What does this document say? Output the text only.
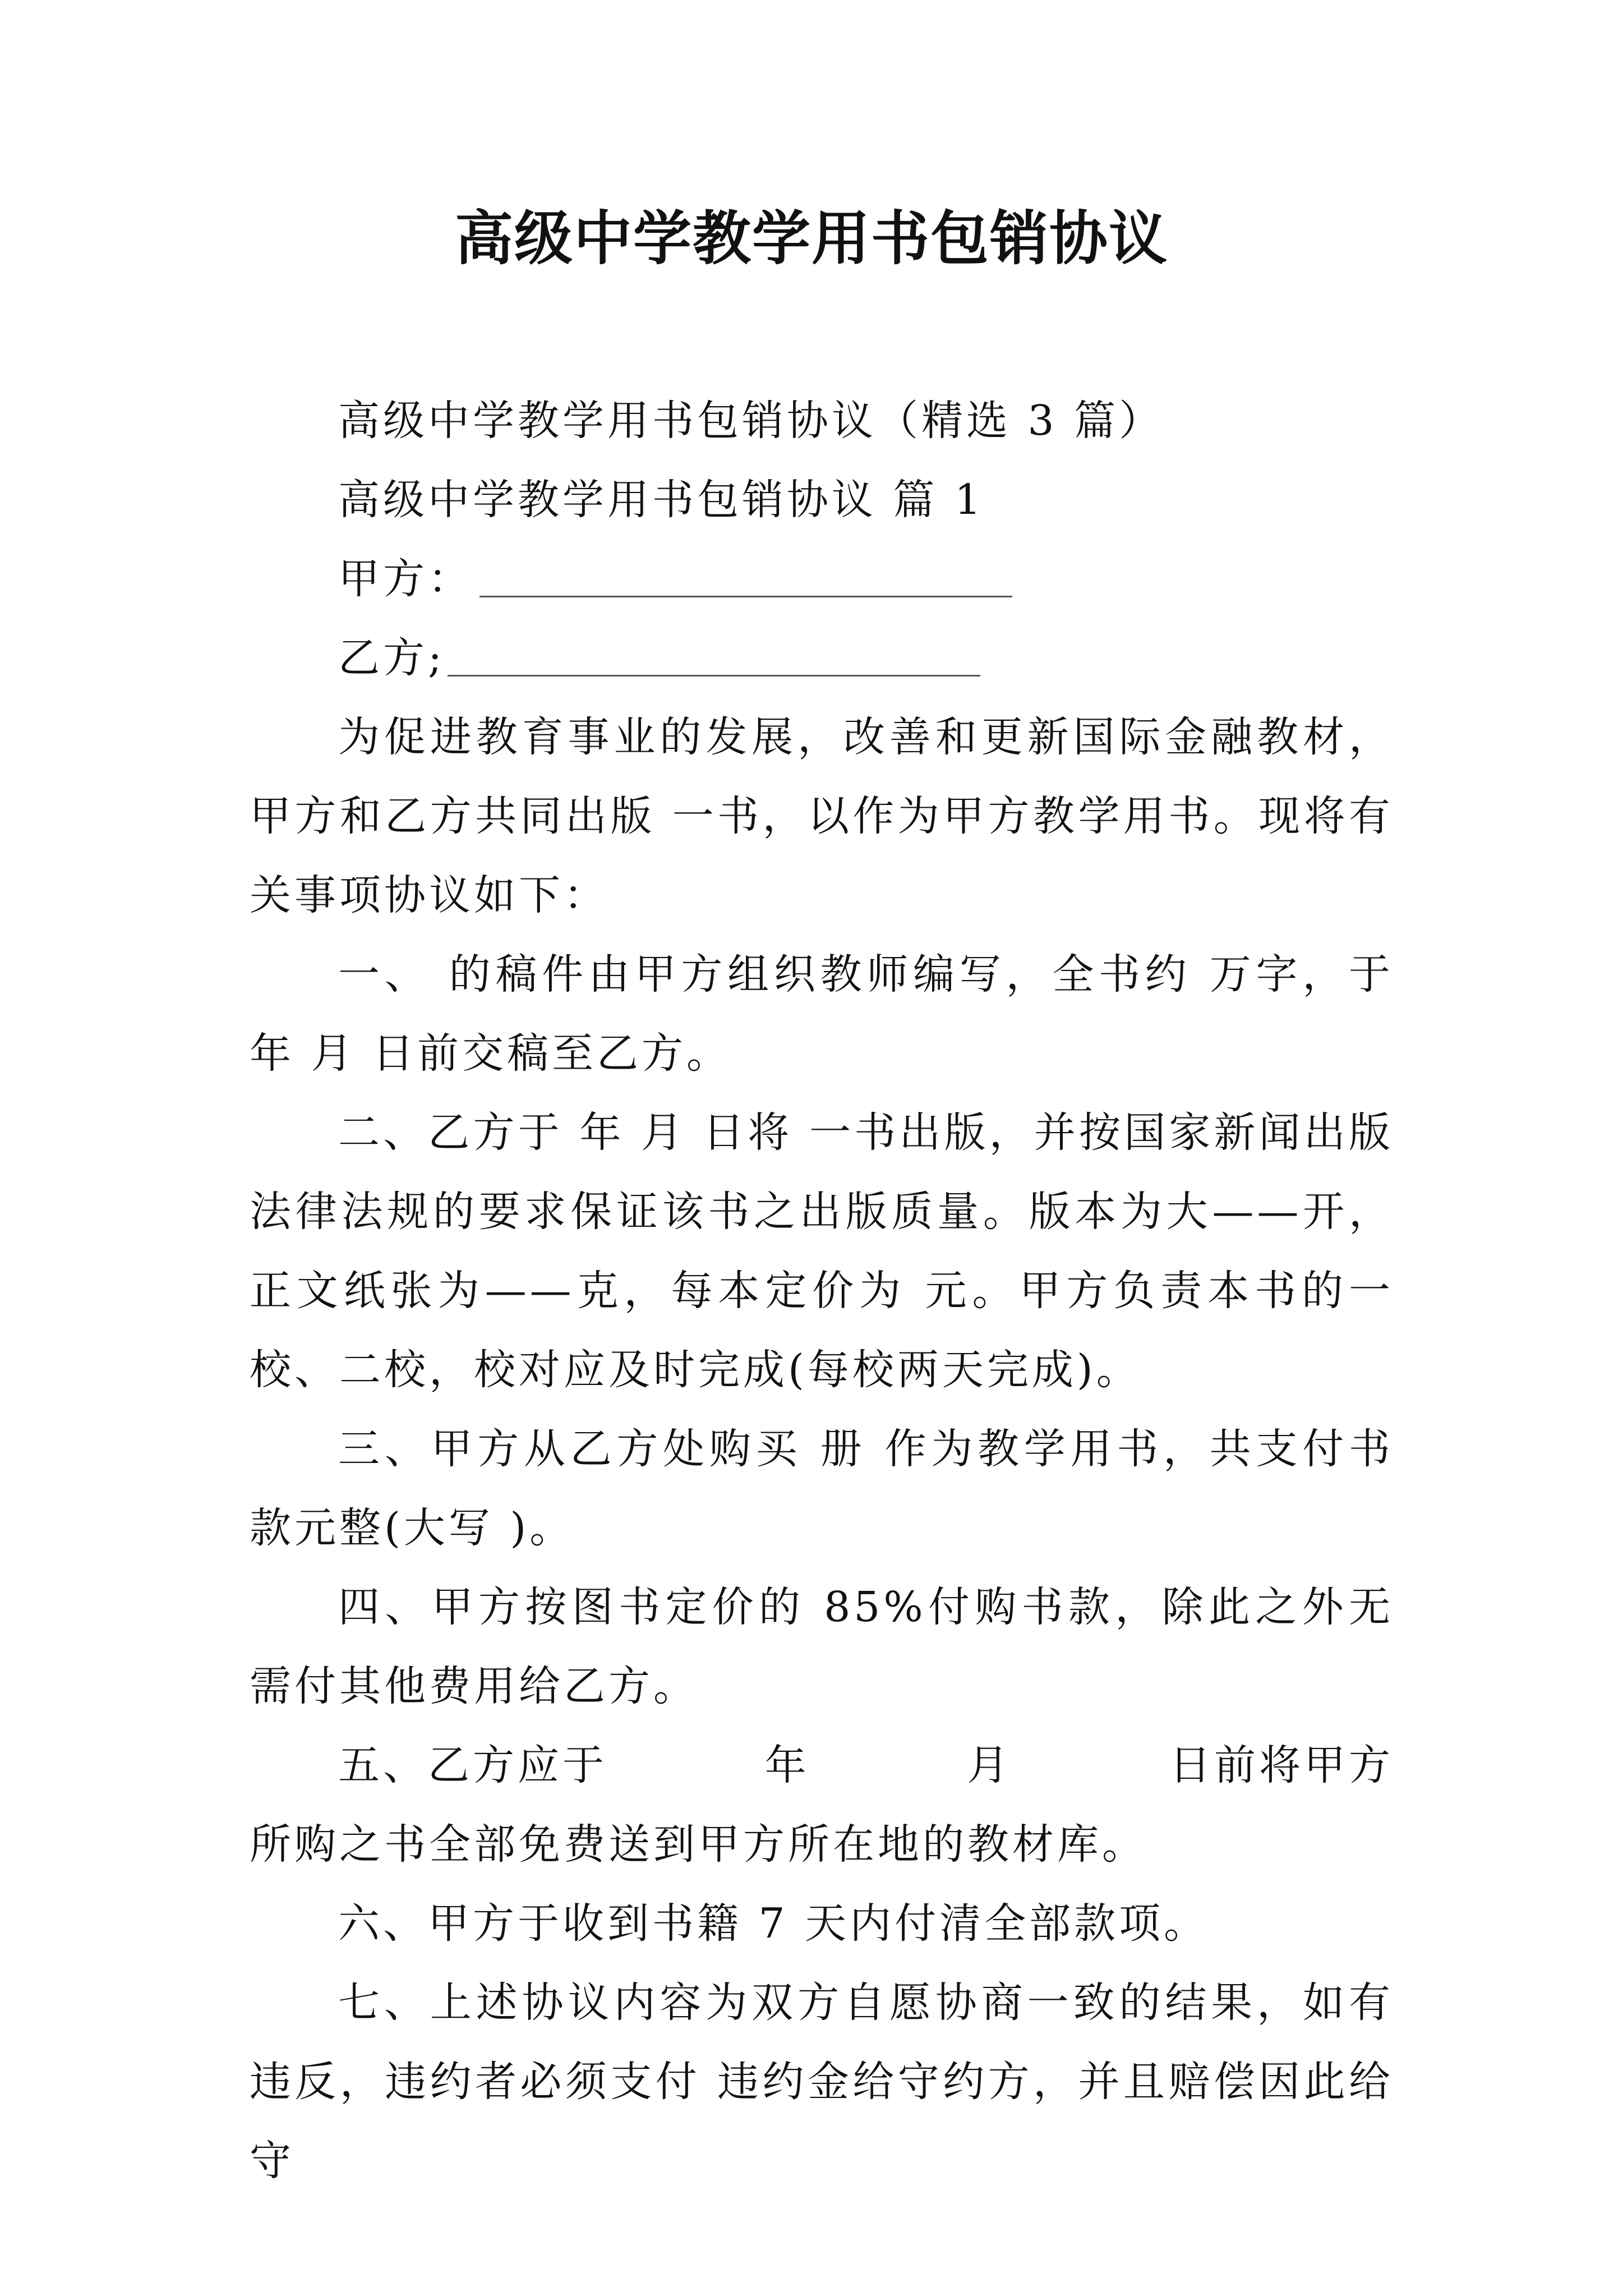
高级中学教学用书包销协议
高级中学教学用书包销协议（精选 3 篇）
高级中学教学用书包销协议 篇 1
甲方：
乙方;
为促进教育事业的发展，改善和更新国际金融教材，甲方和乙方共同出版 一书，以作为甲方教学用书。现将有关事项协议如下：
一、 的稿件由甲方组织教师编写，全书约 万字，于年 月 日前交稿至乙方。
二、乙方于 年 月 日将 一书出版，并按国家新闻出版法律法规的要求保证该书之出版质量。版本为大——开，正文纸张为——克，每本定价为 元。甲方负责本书的一校、二校，校对应及时完成(每校两天完成)。
三、甲方从乙方处购买 册 作为教学用书，共支付书款元整(大写 )。
四、甲方按图书定价的 85%付购书款，除此之外无需付其他费用给乙方。
五、乙方应于	年	月	日前将甲方
所购之书全部免费送到甲方所在地的教材库。
六、甲方于收到书籍 7 天内付清全部款项。
七、上述协议内容为双方自愿协商一致的结果，如有违反，违约者必须支付 违约金给守约方，并且赔偿因此给守
